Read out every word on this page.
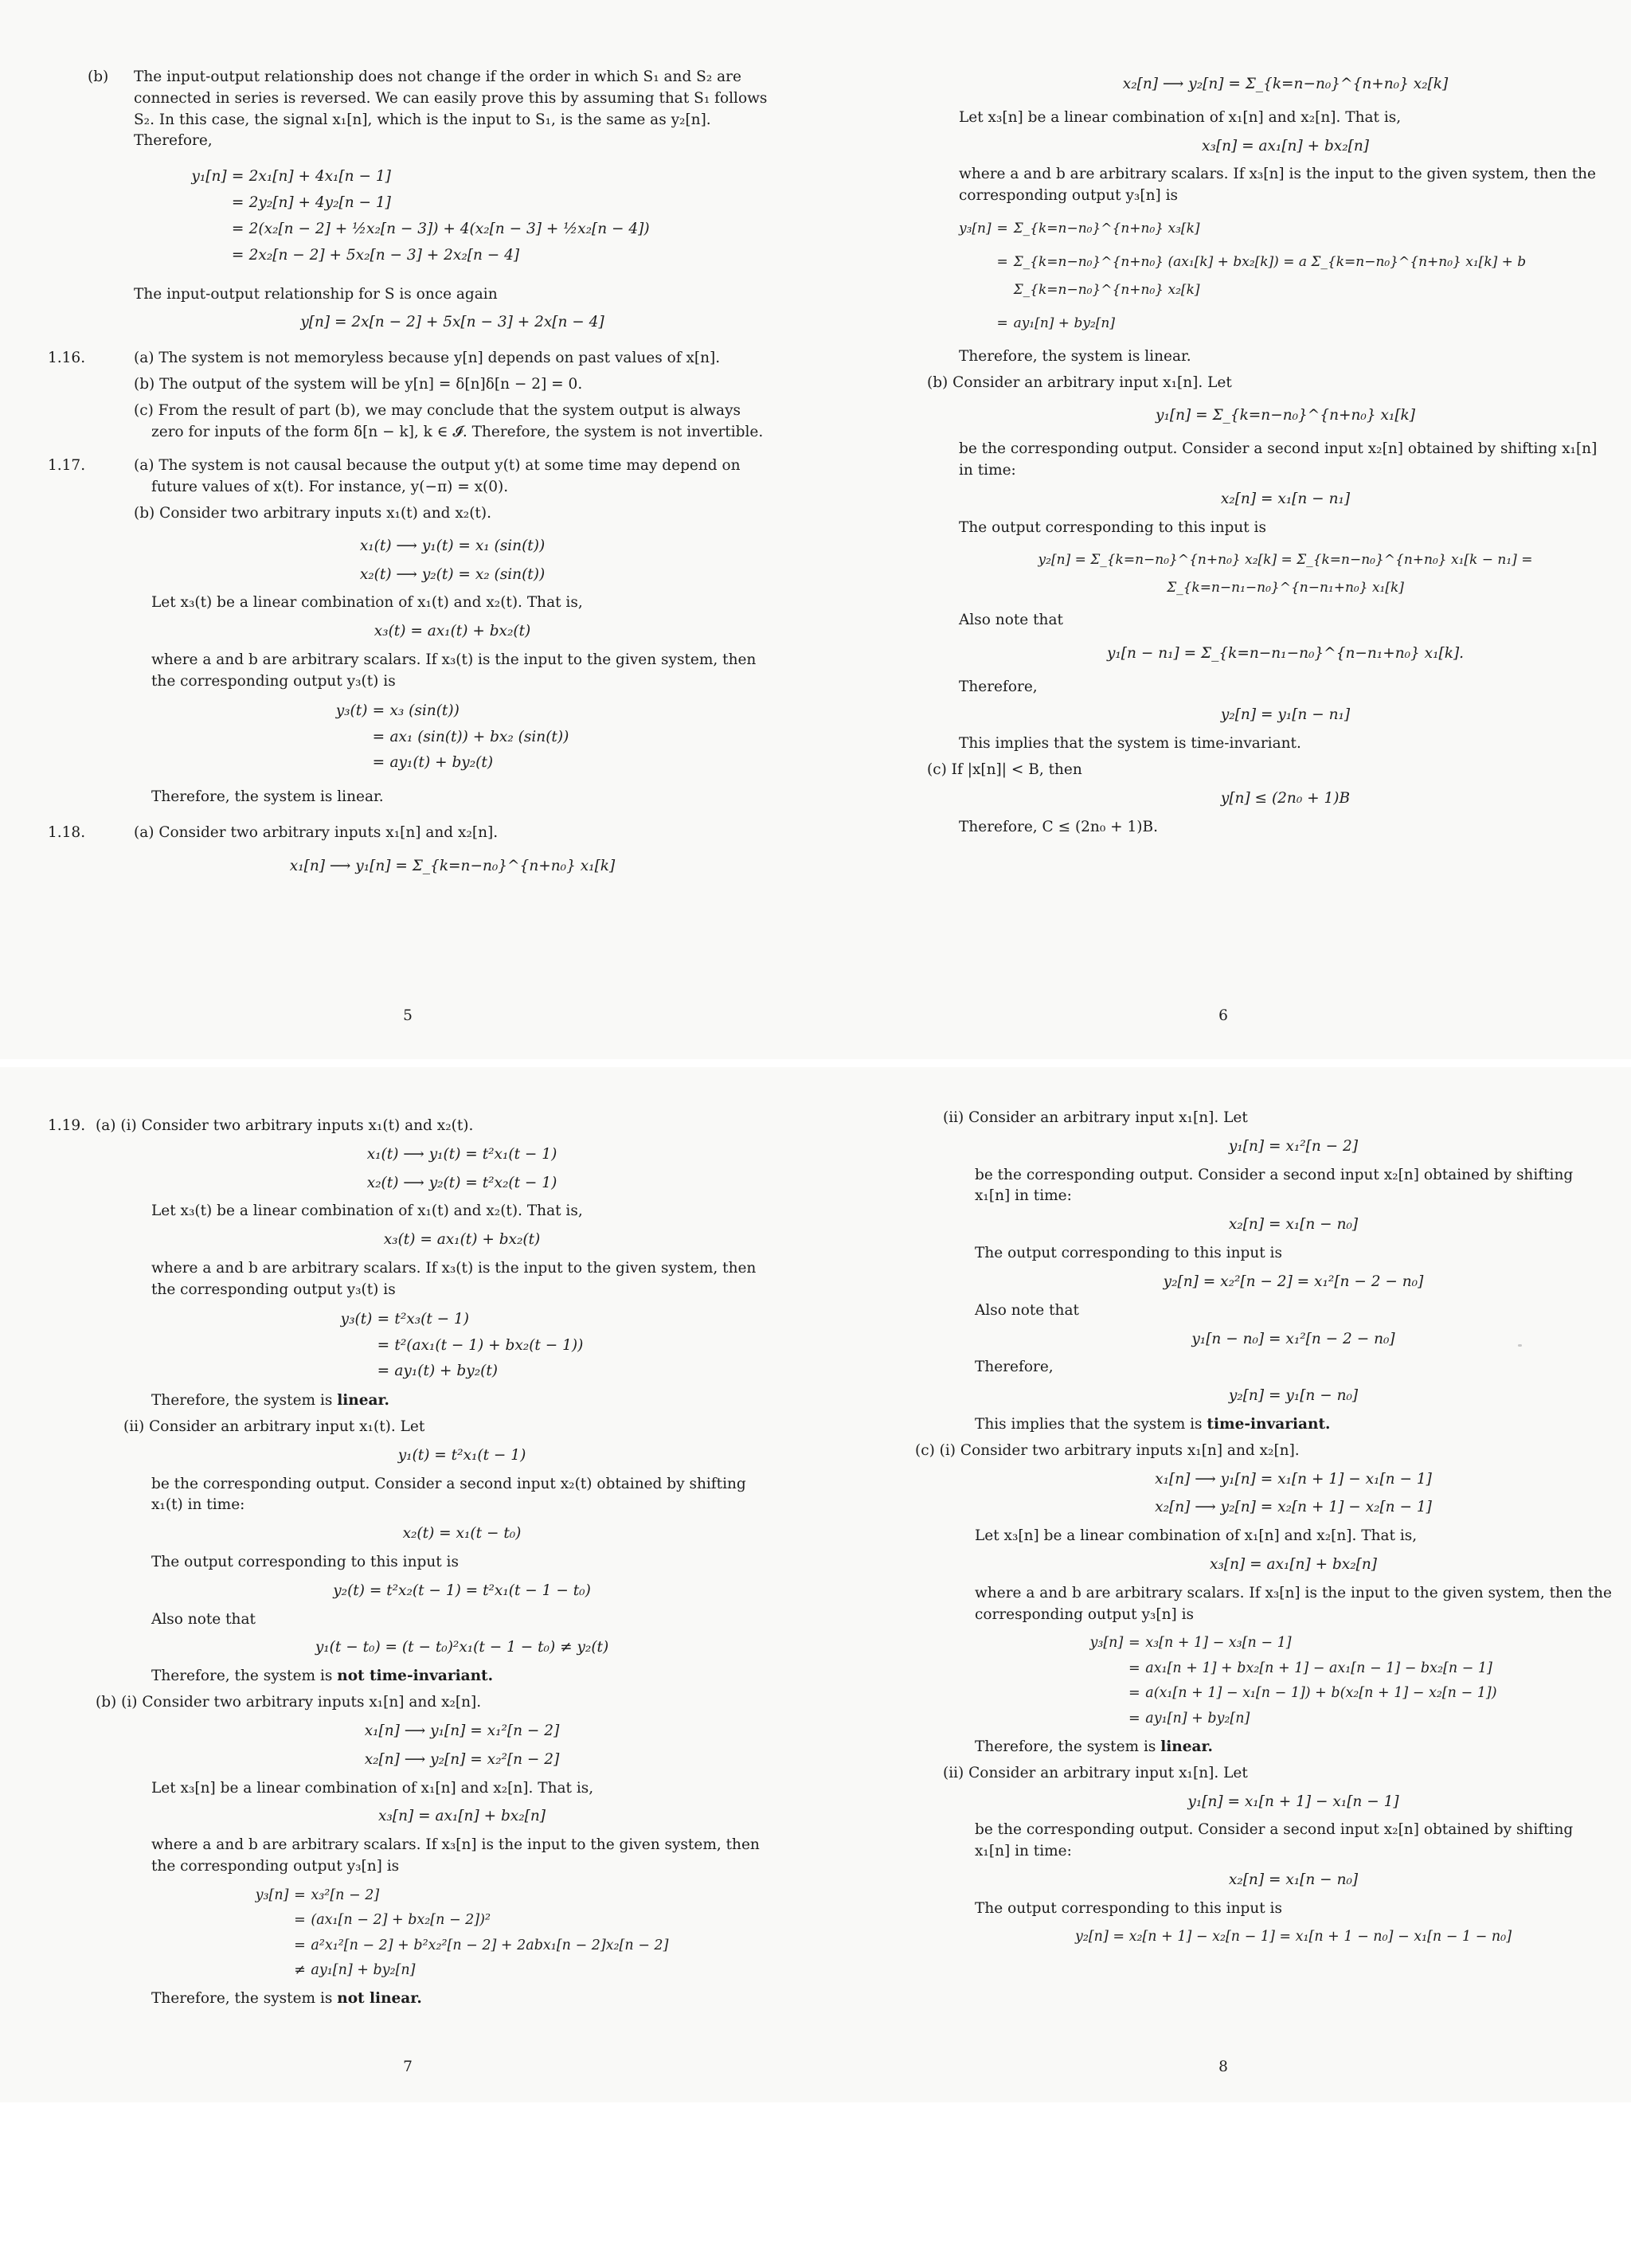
(b) The input-output relationship does not change if the order in which S₁ and S₂ are connected in series is reversed. We can easily prove this by assuming that S₁ follows S₂. In this case, the signal x₁[n], which is the input to S₁, is the same as y₂[n]. Therefore,
y₁[n] = 2x₁[n] + 4x₁[n − 1]
= 2y₂[n] + 4y₂[n − 1]
= 2(x₂[n − 2] + ½x₂[n − 3]) + 4(x₂[n − 3] + ½x₂[n − 4])
= 2x₂[n − 2] + 5x₂[n − 3] + 2x₂[n − 4]
The input-output relationship for S is once again
y[n] = 2x[n − 2] + 5x[n − 3] + 2x[n − 4]
1.16.	(a) The system is not memoryless because y[n] depends on past values of x[n].
(b) The output of the system will be y[n] = δ[n]δ[n − 2] = 0.
(c) From the result of part (b), we may conclude that the system output is always zero for inputs of the form δ[n − k], k ∈ 𝓘. Therefore, the system is not invertible.
1.17.	(a) The system is not causal because the output y(t) at some time may depend on future values of x(t). For instance, y(−π) = x(0).
(b) Consider two arbitrary inputs x₁(t) and x₂(t).
x₁(t) ⟶ y₁(t) = x₁ (sin(t))
x₂(t) ⟶ y₂(t) = x₂ (sin(t))
Let x₃(t) be a linear combination of x₁(t) and x₂(t). That is,
x₃(t) = ax₁(t) + bx₂(t)
where a and b are arbitrary scalars. If x₃(t) is the input to the given system, then the corresponding output y₃(t) is
y₃(t) = x₃ (sin(t))
= ax₁ (sin(t)) + bx₂ (sin(t))
= ay₁(t) + by₂(t)
Therefore, the system is linear.
1.18.	(a) Consider two arbitrary inputs x₁[n] and x₂[n].
x₁[n] ⟶ y₁[n] = Σ_{k=n−n₀}^{n+n₀} x₁[k]
5
x₂[n] ⟶ y₂[n] = Σ_{k=n−n₀}^{n+n₀} x₂[k]
Let x₃[n] be a linear combination of x₁[n] and x₂[n]. That is,
x₃[n] = ax₁[n] + bx₂[n]
where a and b are arbitrary scalars. If x₃[n] is the input to the given system, then the corresponding output y₃[n] is
y₃[n] = Σ_{k=n−n₀}^{n+n₀} x₃[k]
= Σ_{k=n−n₀}^{n+n₀} (ax₁[k] + bx₂[k]) = a Σ_{k=n−n₀}^{n+n₀} x₁[k] + b Σ_{k=n−n₀}^{n+n₀} x₂[k]
= ay₁[n] + by₂[n]
Therefore, the system is linear.
(b) Consider an arbitrary input x₁[n]. Let
y₁[n] = Σ_{k=n−n₀}^{n+n₀} x₁[k]
be the corresponding output. Consider a second input x₂[n] obtained by shifting x₁[n] in time:
x₂[n] = x₁[n − n₁]
The output corresponding to this input is
y₂[n] = Σ_{k=n−n₀}^{n+n₀} x₂[k] = Σ_{k=n−n₀}^{n+n₀} x₁[k − n₁] = Σ_{k=n−n₁−n₀}^{n−n₁+n₀} x₁[k]
Also note that
y₁[n − n₁] = Σ_{k=n−n₁−n₀}^{n−n₁+n₀} x₁[k].
Therefore,
y₂[n] = y₁[n − n₁]
This implies that the system is time-invariant.
(c) If |x[n]| < B, then
y[n] ≤ (2n₀ + 1)B
Therefore, C ≤ (2n₀ + 1)B.
6
1.19. (a) (i) Consider two arbitrary inputs x₁(t) and x₂(t).
x₁(t) ⟶ y₁(t) = t²x₁(t − 1)
x₂(t) ⟶ y₂(t) = t²x₂(t − 1)
Let x₃(t) be a linear combination of x₁(t) and x₂(t). That is,
x₃(t) = ax₁(t) + bx₂(t)
where a and b are arbitrary scalars. If x₃(t) is the input to the given system, then the corresponding output y₃(t) is
y₃(t) = t²x₃(t − 1)
= t²(ax₁(t − 1) + bx₂(t − 1))
= ay₁(t) + by₂(t)
Therefore, the system is linear.
(ii) Consider an arbitrary input x₁(t). Let
y₁(t) = t²x₁(t − 1)
be the corresponding output. Consider a second input x₂(t) obtained by shifting x₁(t) in time:
x₂(t) = x₁(t − t₀)
The output corresponding to this input is
y₂(t) = t²x₂(t − 1) = t²x₁(t − 1 − t₀)
Also note that
y₁(t − t₀) = (t − t₀)²x₁(t − 1 − t₀) ≠ y₂(t)
Therefore, the system is not time-invariant.
(b) (i) Consider two arbitrary inputs x₁[n] and x₂[n].
x₁[n] ⟶ y₁[n] = x₁²[n − 2]
x₂[n] ⟶ y₂[n] = x₂²[n − 2]
Let x₃[n] be a linear combination of x₁[n] and x₂[n]. That is,
x₃[n] = ax₁[n] + bx₂[n]
where a and b are arbitrary scalars. If x₃[n] is the input to the given system, then the corresponding output y₃[n] is
y₃[n] = x₃²[n − 2]
= (ax₁[n − 2] + bx₂[n − 2])²
= a²x₁²[n − 2] + b²x₂²[n − 2] + 2abx₁[n − 2]x₂[n − 2]
≠ ay₁[n] + by₂[n]
Therefore, the system is not linear.
7
(ii) Consider an arbitrary input x₁[n]. Let
y₁[n] = x₁²[n − 2]
be the corresponding output. Consider a second input x₂[n] obtained by shifting x₁[n] in time:
x₂[n] = x₁[n − n₀]
The output corresponding to this input is
y₂[n] = x₂²[n − 2] = x₁²[n − 2 − n₀]
Also note that
y₁[n − n₀] = x₁²[n − 2 − n₀]
Therefore,
y₂[n] = y₁[n − n₀]
This implies that the system is time-invariant.
(c) (i) Consider two arbitrary inputs x₁[n] and x₂[n].
x₁[n] ⟶ y₁[n] = x₁[n + 1] − x₁[n − 1]
x₂[n] ⟶ y₂[n] = x₂[n + 1] − x₂[n − 1]
Let x₃[n] be a linear combination of x₁[n] and x₂[n]. That is,
x₃[n] = ax₁[n] + bx₂[n]
where a and b are arbitrary scalars. If x₃[n] is the input to the given system, then the corresponding output y₃[n] is
y₃[n] = x₃[n + 1] − x₃[n − 1]
= ax₁[n + 1] + bx₂[n + 1] − ax₁[n − 1] − bx₂[n − 1]
= a(x₁[n + 1] − x₁[n − 1]) + b(x₂[n + 1] − x₂[n − 1])
= ay₁[n] + by₂[n]
Therefore, the system is linear.
(ii) Consider an arbitrary input x₁[n]. Let
y₁[n] = x₁[n + 1] − x₁[n − 1]
be the corresponding output. Consider a second input x₂[n] obtained by shifting x₁[n] in time:
x₂[n] = x₁[n − n₀]
The output corresponding to this input is
y₂[n] = x₂[n + 1] − x₂[n − 1] = x₁[n + 1 − n₀] − x₁[n − 1 − n₀]
8
